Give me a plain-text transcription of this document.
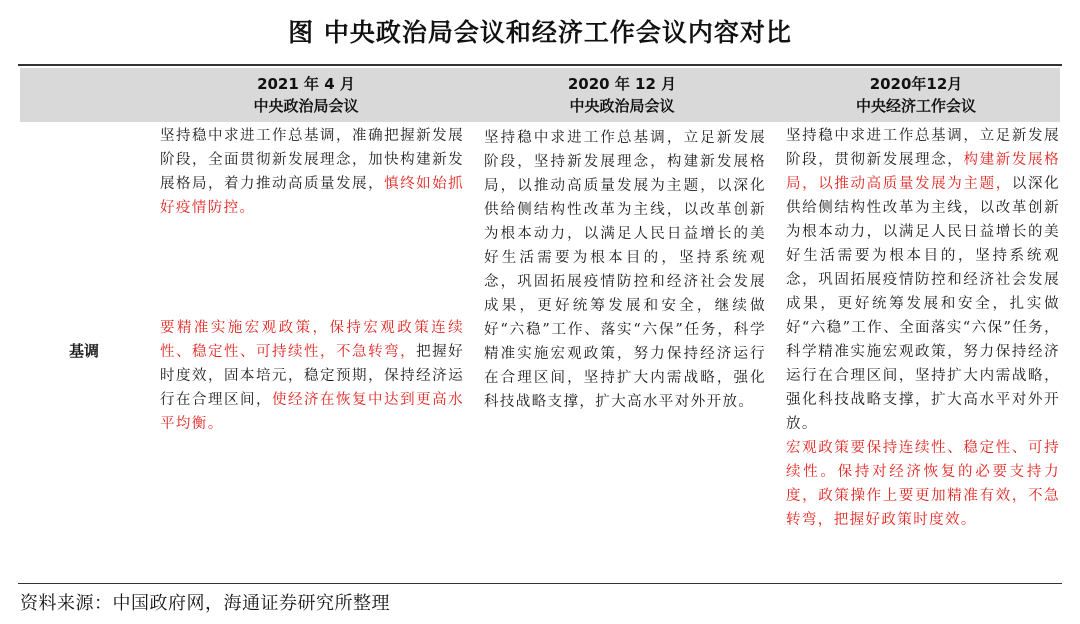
图 中央政治局会议和经济工作会议内容对比
2021 年 4 月
中央政治局会议
2020 年 12 月
中央政治局会议
2020年12月
中央经济工作会议
基调
坚持稳中求进工作总基调，准确把握新发展阶段，全面贯彻新发展理念，加快构建新发展格局，着力推动高质量发展，慎终如始抓好疫情防控。
要精准实施宏观政策，保持宏观政策连续性、稳定性、可持续性，不急转弯，把握好时度效，固本培元，稳定预期，保持经济运行在合理区间，使经济在恢复中达到更高水平均衡。
坚持稳中求进工作总基调，立足新发展阶段，坚持新发展理念，构建新发展格局，以推动高质量发展为主题，以深化供给侧结构性改革为主线，以改革创新为根本动力，以满足人民日益增长的美好生活需要为根本目的，坚持系统观念，巩固拓展疫情防控和经济社会发展成果，更好统筹发展和安全，继续做好“六稳”工作、落实“六保”任务，科学精准实施宏观政策，努力保持经济运行在合理区间，坚持扩大内需战略，强化科技战略支撑，扩大高水平对外开放。
坚持稳中求进工作总基调，立足新发展阶段，贯彻新发展理念，构建新发展格局，以推动高质量发展为主题，以深化供给侧结构性改革为主线，以改革创新为根本动力，以满足人民日益增长的美好生活需要为根本目的，坚持系统观念，巩固拓展疫情防控和经济社会发展成果，更好统筹发展和安全，扎实做好“六稳”工作、全面落实“六保”任务，科学精准实施宏观政策，努力保持经济运行在合理区间，坚持扩大内需战略，强化科技战略支撑，扩大高水平对外开放。
宏观政策要保持连续性、稳定性、可持续性。保持对经济恢复的必要支持力度，政策操作上要更加精准有效，不急转弯，把握好政策时度效。
资料来源：中国政府网，海通证券研究所整理
